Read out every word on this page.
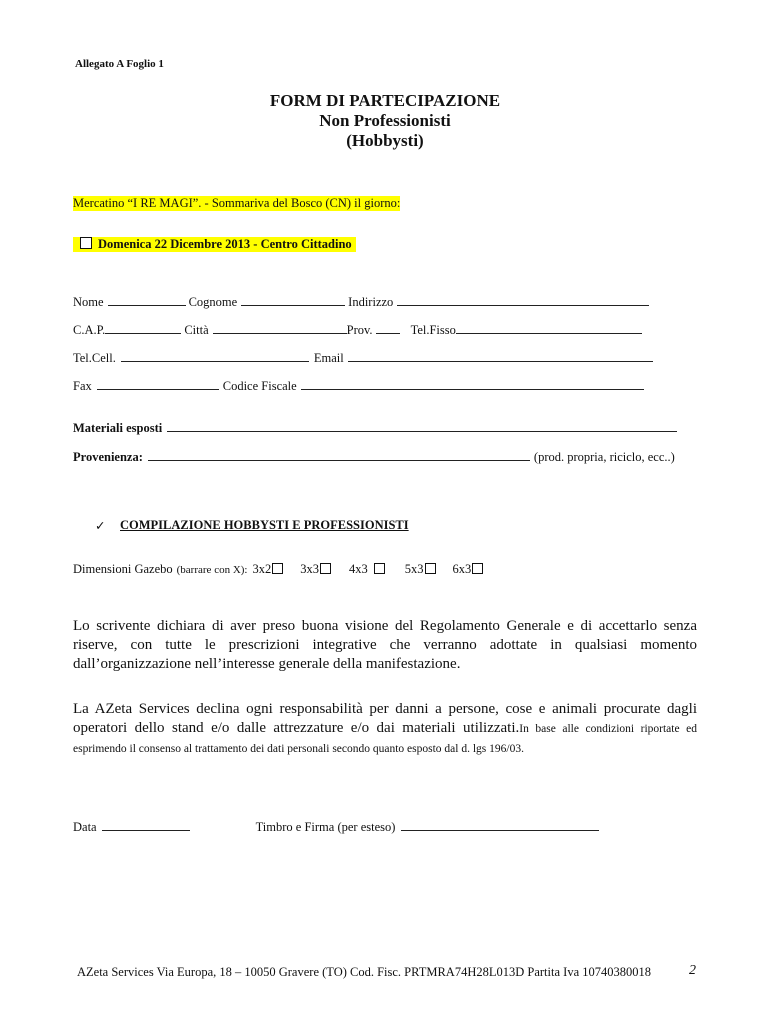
Allegato A Foglio 1
FORM DI PARTECIPAZIONE
Non Professionisti
(Hobbysti)
Mercatino “I RE MAGI”. - Sommariva del Bosco (CN) il giorno:
Domenica 22 Dicembre 2013 - Centro Cittadino
Nome	Cognome	Indirizzo
C.A.P.	Città	Prov.	Tel.Fisso
Tel.Cell.	Email
Fax	Codice Fiscale
Materiali esposti
Provenienza:	(prod. propria, riciclo, ecc..)
✓ COMPILAZIONE HOBBYSTI E PROFESSIONISTI
Dimensioni Gazebo (barrare con X): 3x2	3x3	4x3	5x3	6x3
Lo scrivente dichiara di aver preso buona visione del Regolamento Generale e di accettarlo senza riserve, con tutte le prescrizioni integrative che verranno adottate in qualsiasi momento dall’organizzazione nell’interesse generale della manifestazione.
La AZeta Services declina ogni responsabilità per danni a persone, cose e animali procurate dagli operatori dello stand e/o dalle attrezzature e/o dai materiali utilizzati.In base alle condizioni riportate ed esprimendo il consenso al trattamento dei dati personali secondo quanto esposto dal d. lgs 196/03.
Data	Timbro e Firma (per esteso)
AZeta Services Via Europa, 18 – 10050 Gravere (TO) Cod. Fisc. PRTMRA74H28L013D Partita Iva 10740380018	2
